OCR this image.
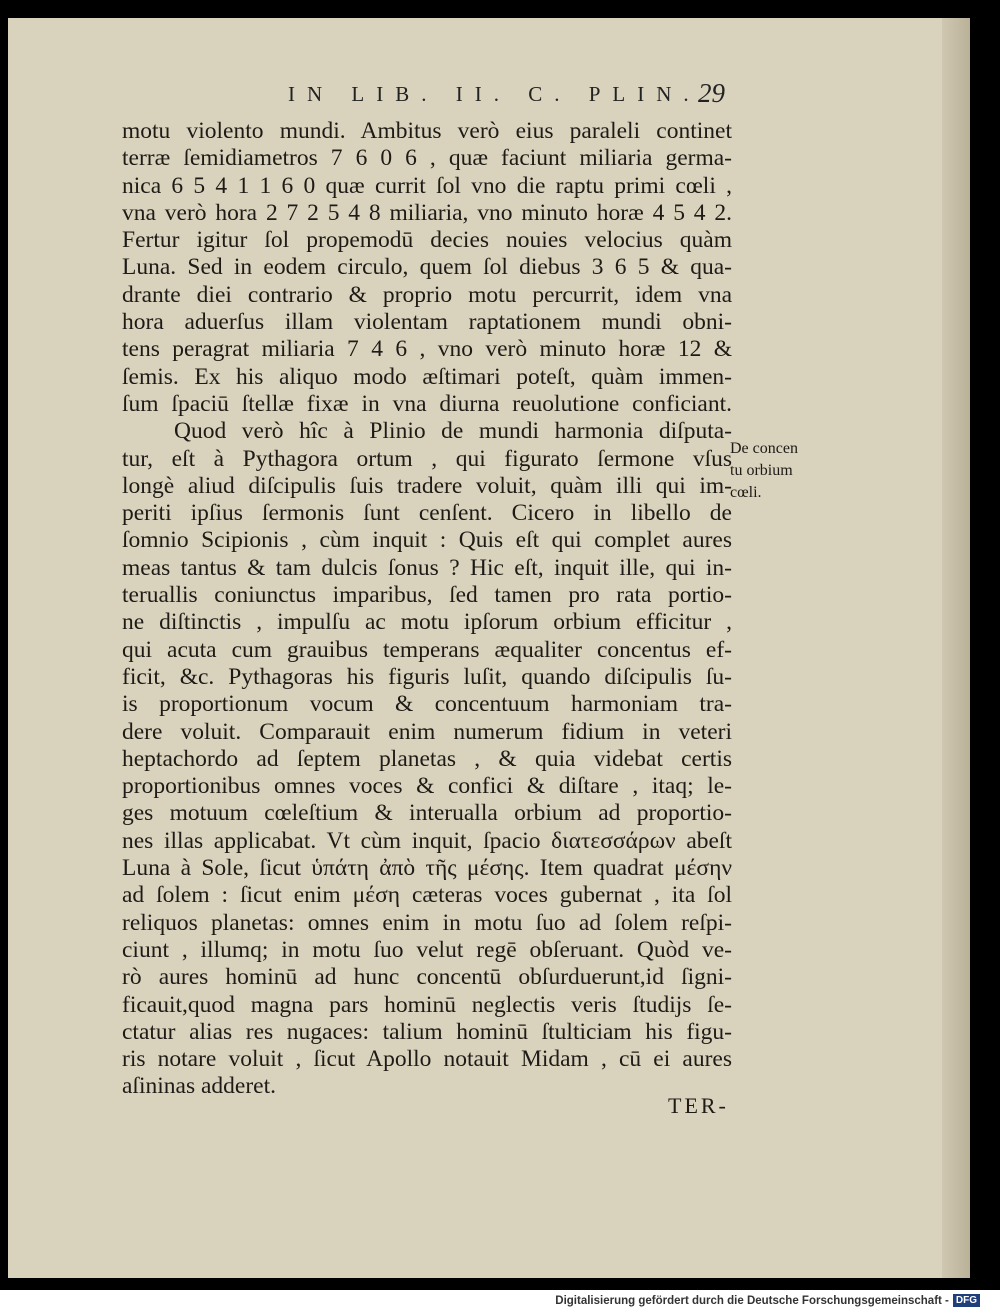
IN LIB. II. C. PLIN.
29
motu violento mundi. Ambitus verò eius paraleli continet
terræ ſemidiametros 7 6 0 6 , quæ faciunt miliaria germa-
nica 6 5 4 1 1 6 0 quæ currit ſol vno die raptu primi cœli ,
vna verò hora 2 7 2 5 4 8 miliaria, vno minuto horæ 4 5 4 2.
Fertur igitur ſol propemodū decies nouies velocius quàm
Luna. Sed in eodem circulo, quem ſol diebus 3 6 5 & qua-
drante diei contrario & proprio motu percurrit, idem vna
hora aduerſus illam violentam raptationem mundi obni-
tens peragrat miliaria 7 4 6 , vno verò minuto horæ 12 &
ſemis. Ex his aliquo modo æſtimari poteſt, quàm immen-
ſum ſpaciū ſtellæ fixæ in vna diurna reuolutione conficiant.
Quod verò hîc à Plinio de mundi harmonia diſputa-
tur, eſt à Pythagora ortum , qui figurato ſermone vſus
longè aliud diſcipulis ſuis tradere voluit, quàm illi qui im-
periti ipſius ſermonis ſunt cenſent. Cicero in libello de
ſomnio Scipionis , cùm inquit : Quis eſt qui complet aures
meas tantus & tam dulcis ſonus ? Hic eſt, inquit ille, qui in-
teruallis coniunctus imparibus, ſed tamen pro rata portio-
ne diſtinctis , impulſu ac motu ipſorum orbium efficitur ,
qui acuta cum grauibus temperans æqualiter concentus ef-
ficit, &c. Pythagoras his figuris luſit, quando diſcipulis ſu-
is proportionum vocum & concentuum harmoniam tra-
dere voluit. Comparauit enim numerum fidium in veteri
heptachordo ad ſeptem planetas , & quia videbat certis
proportionibus omnes voces & confici & diſtare , itaq; le-
ges motuum cœleſtium & interualla orbium ad proportio-
nes illas applicabat. Vt cùm inquit, ſpacio διατεσσάρων abeſt
Luna à Sole, ſicut ὑπάτη ἀπὸ τῆς μέσης. Item quadrat μέσην
ad ſolem : ſicut enim μέση cæteras voces gubernat , ita ſol
reliquos planetas: omnes enim in motu ſuo ad ſolem reſpi-
ciunt , illumq; in motu ſuo velut regē obſeruant. Quòd ve-
rò aures hominū ad hunc concentū obſurduerunt,id ſigni-
ficauit,quod magna pars hominū neglectis veris ſtudijs ſe-
ctatur alias res nugaces: talium hominū ſtulticiam his figu-
ris notare voluit , ſicut Apollo notauit Midam , cū ei aures
aſininas adderet.
TER-
De concen
tu orbium
cœli.
Digitalisierung gefördert durch die Deutsche Forschungsgemeinschaft - DFG
